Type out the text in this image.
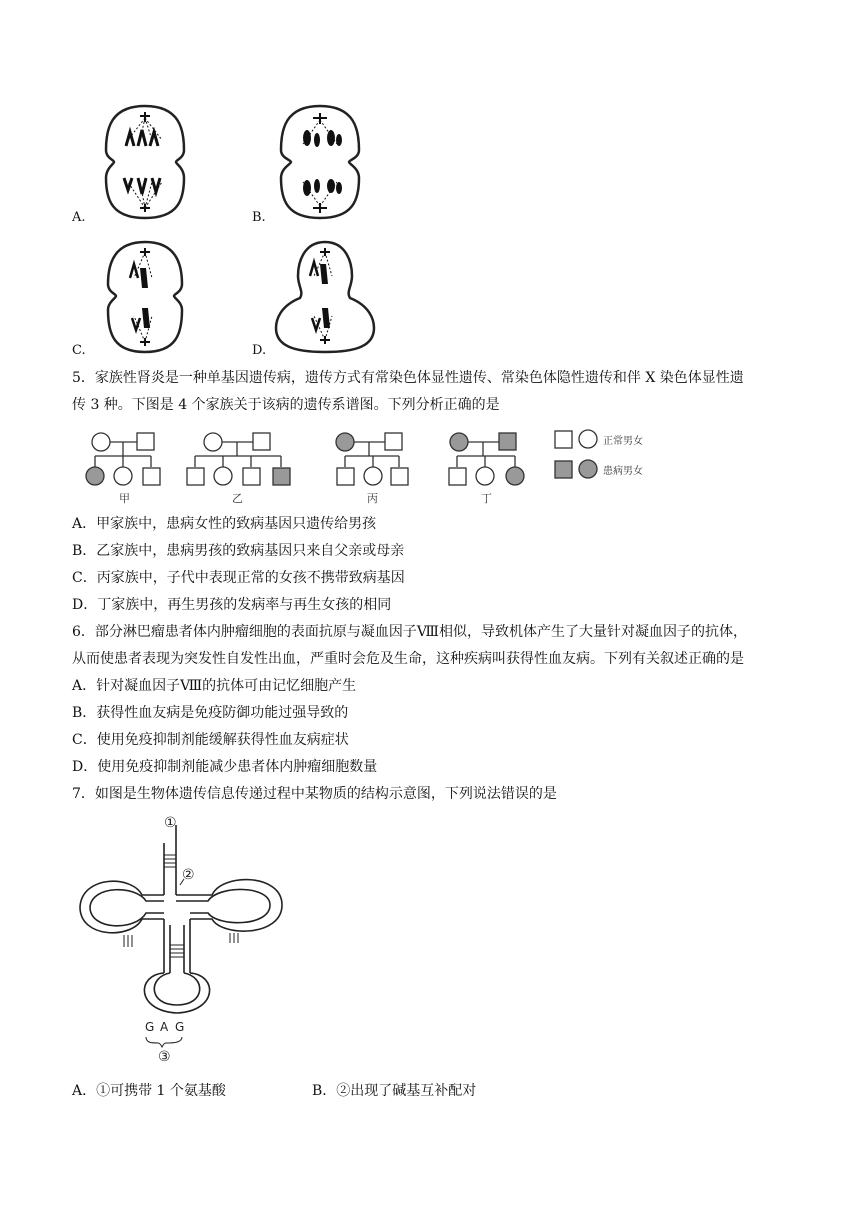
A.	B.
C.	D.
5．家族性肾炎是一种单基因遗传病，遗传方式有常染色体显性遗传、常染色体隐性遗传和伴 X 染色体显性遗
传 3 种。下图是 4 个家族关于该病的遗传系谱图。下列分析正确的是
甲	乙	丙	丁
正常男女
患病男女
A．甲家族中，患病女性的致病基因只遗传给男孩
B．乙家族中，患病男孩的致病基因只来自父亲或母亲
C．丙家族中，子代中表现正常的女孩不携带致病基因
D．丁家族中，再生男孩的发病率与再生女孩的相同
6．部分淋巴瘤患者体内肿瘤细胞的表面抗原与凝血因子Ⅷ相似，导致机体产生了大量针对凝血因子的抗体，
从而使患者表现为突发性自发性出血，严重时会危及生命，这种疾病叫获得性血友病。下列有关叙述正确的是
A．针对凝血因子Ⅷ的抗体可由记忆细胞产生
B．获得性血友病是免疫防御功能过强导致的
C．使用免疫抑制剂能缓解获得性血友病症状
D．使用免疫抑制剂能减少患者体内肿瘤细胞数量
7．如图是生物体遗传信息传递过程中某物质的结构示意图，下列说法错误的是
①
②
G A G
③
A．①可携带 1 个氨基酸	B．②出现了碱基互补配对
